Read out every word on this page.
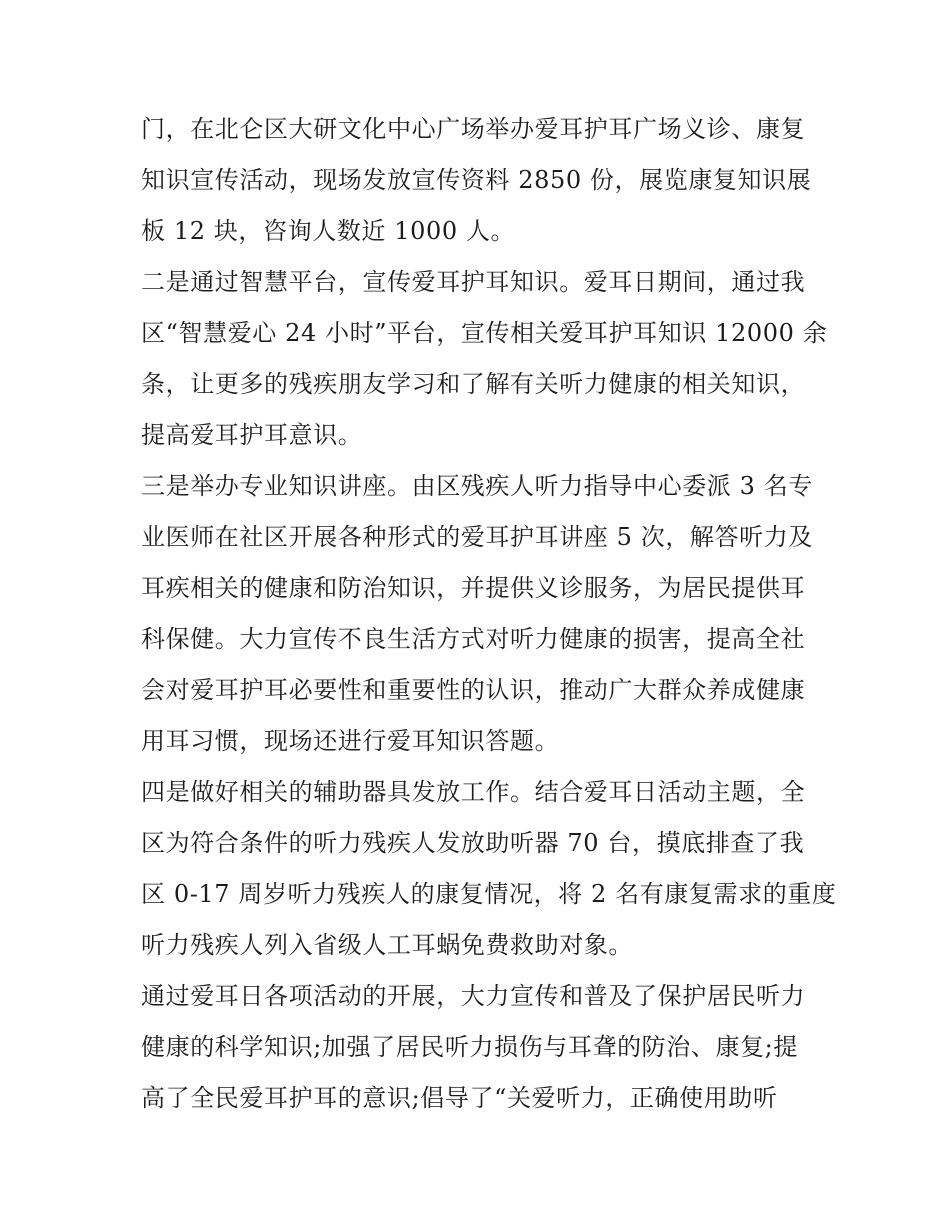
门，在北仑区大研文化中心广场举办爱耳护耳广场义诊、康复
知识宣传活动，现场发放宣传资料 2850 份，展览康复知识展
板 12 块，咨询人数近 1000 人。
二是通过智慧平台，宣传爱耳护耳知识。爱耳日期间，通过我
区“智慧爱心 24 小时”平台，宣传相关爱耳护耳知识 12000 余
条，让更多的残疾朋友学习和了解有关听力健康的相关知识，
提高爱耳护耳意识。
三是举办专业知识讲座。由区残疾人听力指导中心委派 3 名专
业医师在社区开展各种形式的爱耳护耳讲座 5 次，解答听力及
耳疾相关的健康和防治知识，并提供义诊服务，为居民提供耳
科保健。大力宣传不良生活方式对听力健康的损害，提高全社
会对爱耳护耳必要性和重要性的认识，推动广大群众养成健康
用耳习惯，现场还进行爱耳知识答题。
四是做好相关的辅助器具发放工作。结合爱耳日活动主题，全
区为符合条件的听力残疾人发放助听器 70 台，摸底排查了我
区 0-17 周岁听力残疾人的康复情况，将 2 名有康复需求的重度
听力残疾人列入省级人工耳蜗免费救助对象。
通过爱耳日各项活动的开展，大力宣传和普及了保护居民听力
健康的科学知识;加强了居民听力损伤与耳聋的防治、康复;提
高了全民爱耳护耳的意识;倡导了“关爱听力，正确使用助听
